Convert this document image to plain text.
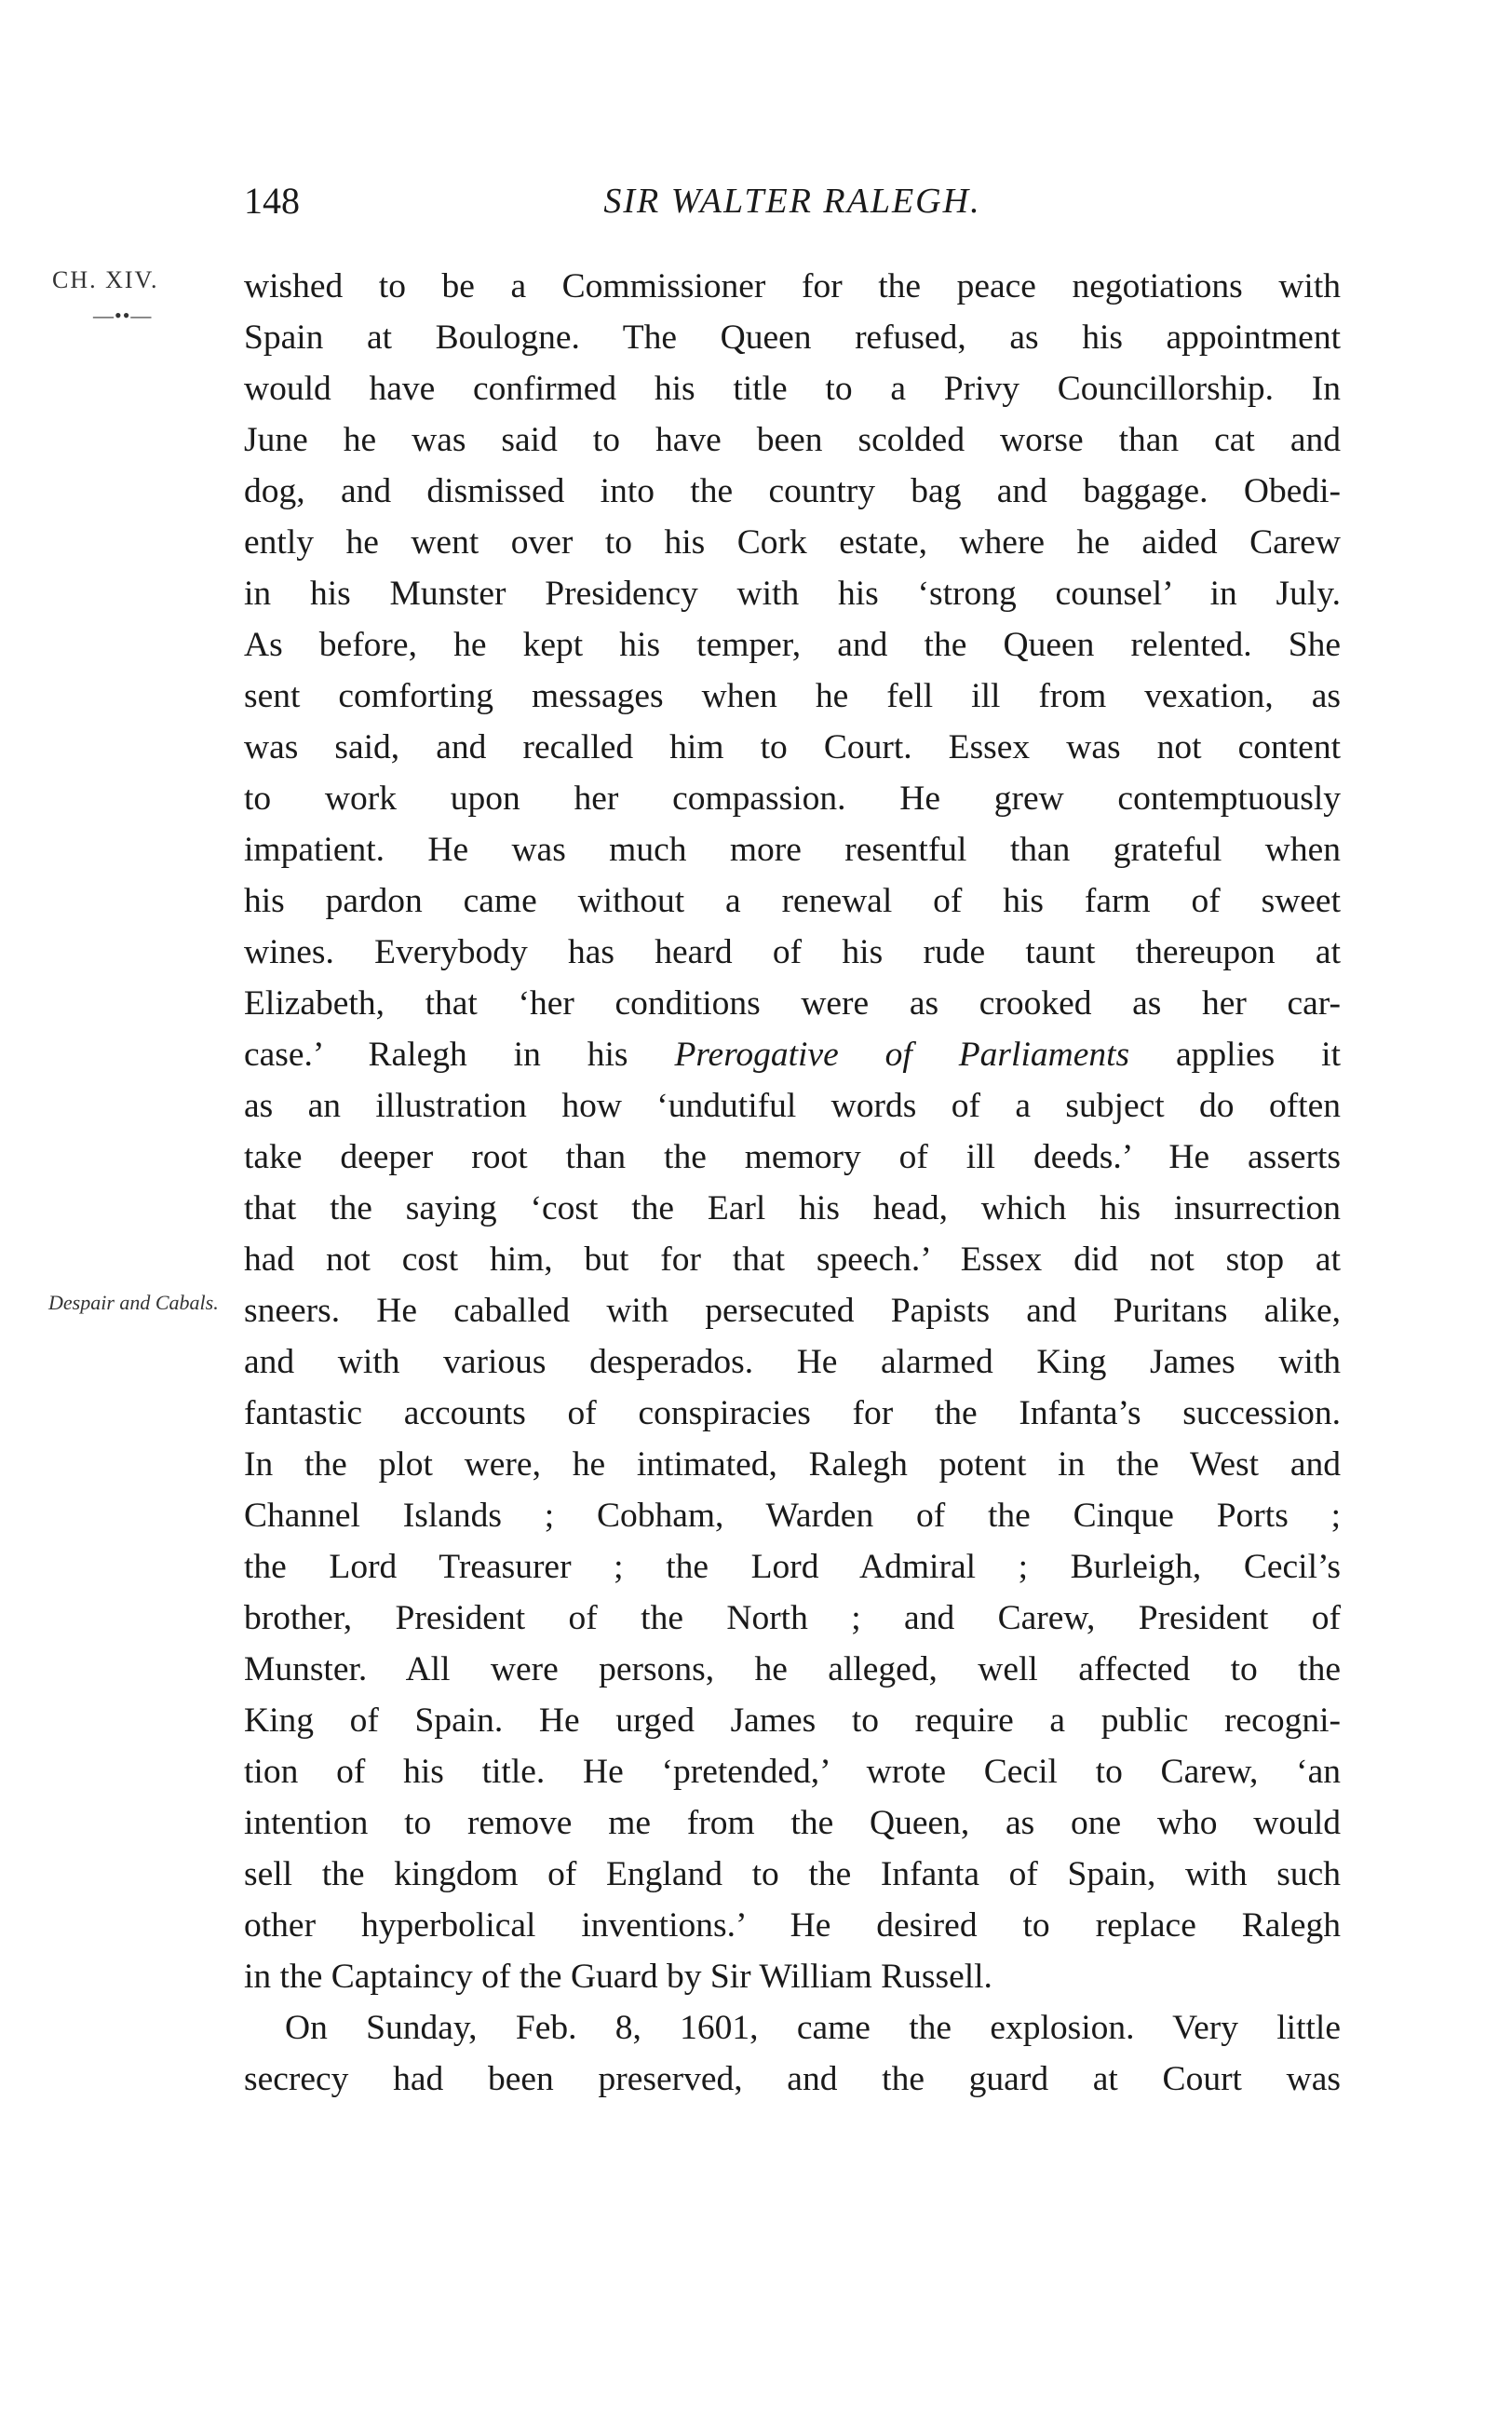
148	SIR WALTER RALEGH.
CH. XIV.
—••—
Despair and Cabals.
wished to be a Commissioner for the peace negotiations with
Spain at Boulogne. The Queen refused, as his appointment
would have confirmed his title to a Privy Councillorship. In
June he was said to have been scolded worse than cat and
dog, and dismissed into the country bag and baggage. Obedi-
ently he went over to his Cork estate, where he aided Carew
in his Munster Presidency with his ‘strong counsel’ in July.
As before, he kept his temper, and the Queen relented. She
sent comforting messages when he fell ill from vexation, as
was said, and recalled him to Court. Essex was not content
to work upon her compassion. He grew contemptuously
impatient. He was much more resentful than grateful when
his pardon came without a renewal of his farm of sweet
wines. Everybody has heard of his rude taunt thereupon at
Elizabeth, that ‘her conditions were as crooked as her car-
case.’ Ralegh in his Prerogative of Parliaments applies it
as an illustration how ‘undutiful words of a subject do often
take deeper root than the memory of ill deeds.’ He asserts
that the saying ‘cost the Earl his head, which his insurrection
had not cost him, but for that speech.’ Essex did not stop at
sneers. He caballed with persecuted Papists and Puritans alike,
and with various desperados. He alarmed King James with
fantastic accounts of conspiracies for the Infanta’s succession.
In the plot were, he intimated, Ralegh potent in the West and
Channel Islands ; Cobham, Warden of the Cinque Ports ;
the Lord Treasurer ; the Lord Admiral ; Burleigh, Cecil’s
brother, President of the North ; and Carew, President of
Munster. All were persons, he alleged, well affected to the
King of Spain. He urged James to require a public recogni-
tion of his title. He ‘pretended,’ wrote Cecil to Carew, ‘an
intention to remove me from the Queen, as one who would
sell the kingdom of England to the Infanta of Spain, with such
other hyperbolical inventions.’ He desired to replace Ralegh
in the Captaincy of the Guard by Sir William Russell.
On Sunday, Feb. 8, 1601, came the explosion. Very little
secrecy had been preserved, and the guard at Court was
